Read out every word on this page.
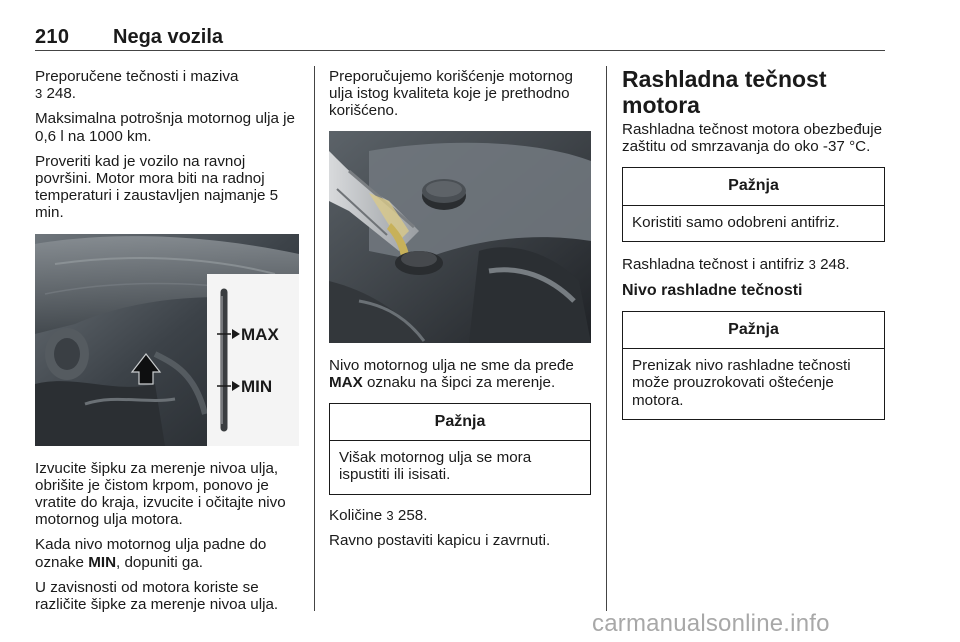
210 Nega vozila

Preporučene tečnosti i maziva
3 248.

Maksimalna potrošnja motornog ulja je 0,6 l na 1000 km.

Proveriti kad je vozilo na ravnoj površini. Motor mora biti na radnoj temperaturi i zaustavljen najmanje 5 min.

MAX
MIN

Izvucite šipku za merenje nivoa ulja, obrišite je čistom krpom, ponovo je vratite do kraja, izvucite i očitajte nivo motornog ulja motora.

Kada nivo motornog ulja padne do oznake MIN, dopuniti ga.

U zavisnosti od motora koriste se različite šipke za merenje nivoa ulja.

Preporučujemo korišćenje motornog ulja istog kvaliteta koje je prethodno korišćeno.

Nivo motornog ulja ne sme da pređe MAX oznaku na šipci za merenje.

Pažnja
Višak motornog ulja se mora ispustiti ili isisati.

Količine 3 258.

Ravno postaviti kapicu i zavrnuti.

Rashladna tečnost motora

Rashladna tečnost motora obezbeđuje zaštitu od smrzavanja do oko -37 °C.

Pažnja
Koristiti samo odobreni antifriz.

Rashladna tečnost i antifriz 3 248.

Nivo rashladne tečnosti
Pažnja
Prenizak nivo rashladne tečnosti može prouzrokovati oštećenje motora.
carmanualsonline.info
